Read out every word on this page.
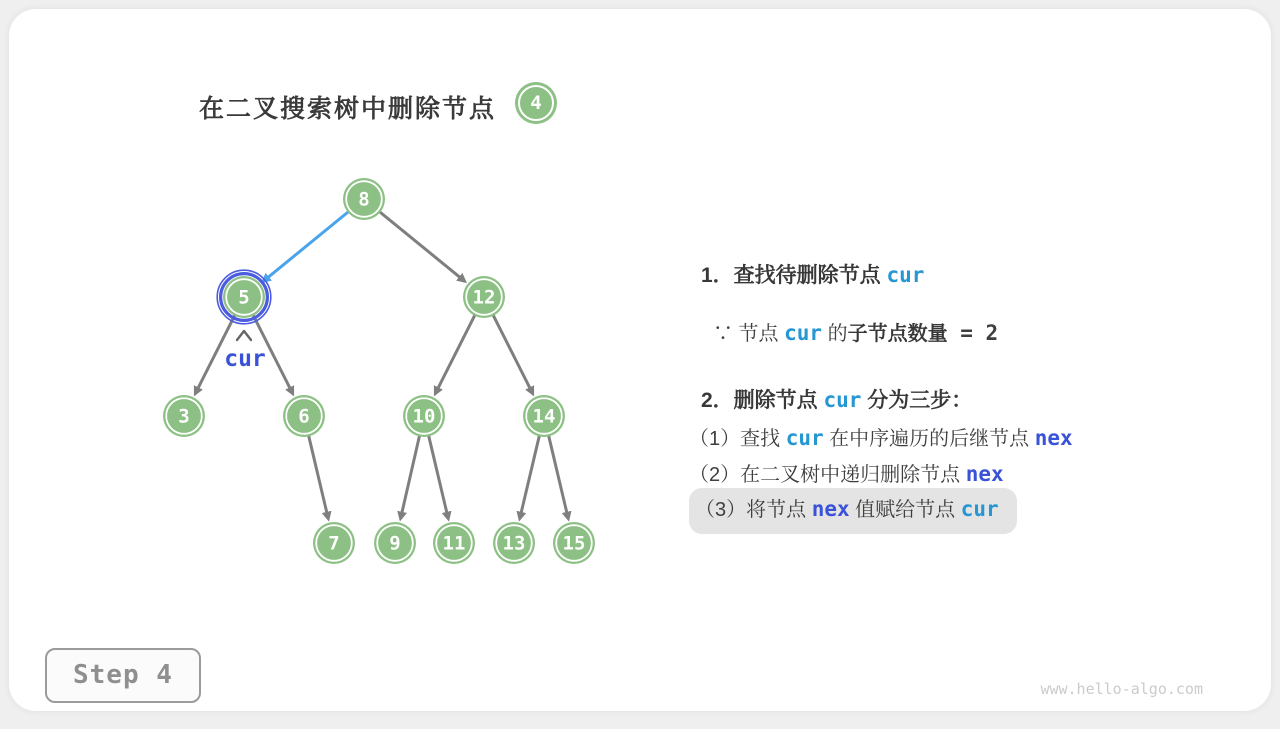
在二叉搜索树中删除节点	4
8
5	12
3	6	10	14
7	9 11 13 15
cur
1．查找待删除节点 cur
∵ 节点 cur 的子节点数量 = 2
2．删除节点 cur 分为三步：
（1）查找 cur 在中序遍历的后继节点 nex
（2）在二叉树中递归删除节点 nex
（3）将节点 nex 值赋给节点 cur
Step 4	www.hello-algo.com
